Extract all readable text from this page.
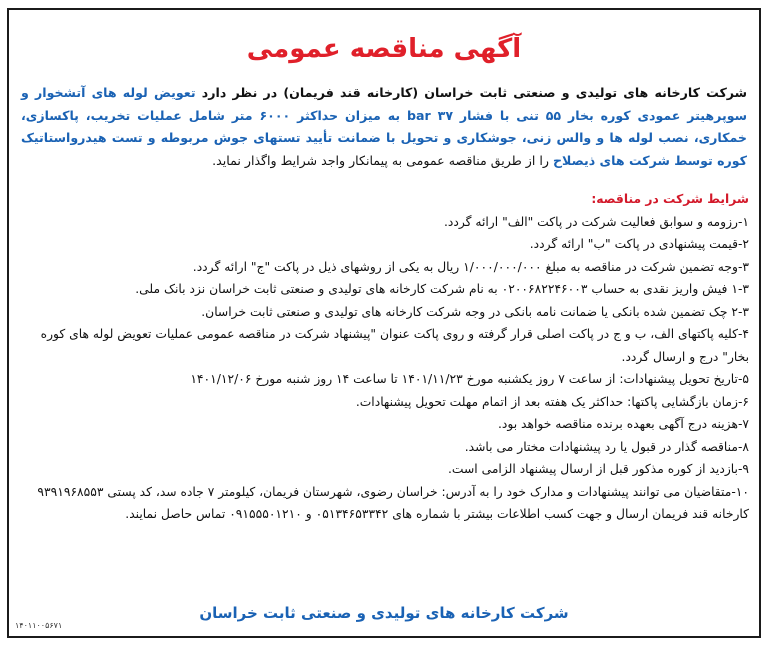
آگهی مناقصه عمومی
شرکت کارخانه های تولیدی و صنعتی ثابت خراسان (کارخانه قند فریمان) در نظر دارد تعویض لوله های آتشخوار و سوپرهیتر عمودی کوره بخار ۵۵ تنی با فشار bar ۳۷ به میزان حداکثر ۶۰۰۰ متر شامل عملیات تخریب، پاکسازی، خمکاری، نصب لوله ها و والس زنی، جوشکاری و تحویل با ضمانت تأیید تستهای جوش مربوطه و تست هیدرواستاتیک کوره توسط شرکت های ذیصلاح را از طریق مناقصه عمومی به پیمانکار واجد شرایط واگذار نماید.
شرایط شرکت در مناقصه:
۱-رزومه و سوابق فعالیت شرکت در پاکت "الف" ارائه گردد.
۲-قیمت پیشنهادی در پاکت "ب" ارائه گردد.
۳-وجه تضمین شرکت در مناقصه به مبلغ ۱/۰۰۰/۰۰۰/۰۰۰ ریال به یکی از روشهای ذیل در پاکت "ج" ارائه گردد.
۱-۳ فیش واریز نقدی به حساب ۰۲۰۰۶۸۲۲۴۶۰۰۳ به نام شرکت کارخانه های تولیدی و صنعتی ثابت خراسان نزد بانک ملی.
۲-۳ چک تضمین شده بانکی یا ضمانت نامه بانکی در وجه شرکت کارخانه های تولیدی و صنعتی ثابت خراسان.
۴-کلیه پاکتهای الف، ب و ج در پاکت اصلی قرار گرفته و روی پاکت عنوان "پیشنهاد شرکت در مناقصه عمومی عملیات تعویض لوله های کوره بخار" درج و ارسال گردد.
۵-تاریخ تحویل پیشنهادات: از ساعت ۷ روز یکشنبه مورخ ۱۴۰۱/۱۱/۲۳ تا ساعت ۱۴ روز شنبه مورخ ۱۴۰۱/۱۲/۰۶
۶-زمان بازگشایی پاکتها: حداکثر یک هفته بعد از اتمام مهلت تحویل پیشنهادات.
۷-هزینه درج آگهی بعهده برنده مناقصه خواهد بود.
۸-مناقصه گذار در قبول یا رد پیشنهادات مختار می باشد.
۹-بازدید از کوره مذکور قبل از ارسال پیشنهاد الزامی است.
۱۰-متقاضیان می توانند پیشنهادات و مدارک خود را به آدرس: خراسان رضوی، شهرستان فریمان، کیلومتر ۷ جاده سد، کد پستی ۹۳۹۱۹۶۸۵۵۳ کارخانه قند فریمان ارسال و جهت کسب اطلاعات بیشتر با شماره های ۰۵۱۳۴۶۵۳۳۴۲ و ۰۹۱۵۵۵۰۱۲۱۰ تماس حاصل نمایند.
شرکت کارخانه های تولیدی و صنعتی ثابت خراسان
۱۴۰۱۱۰۰۵۶۷۱
